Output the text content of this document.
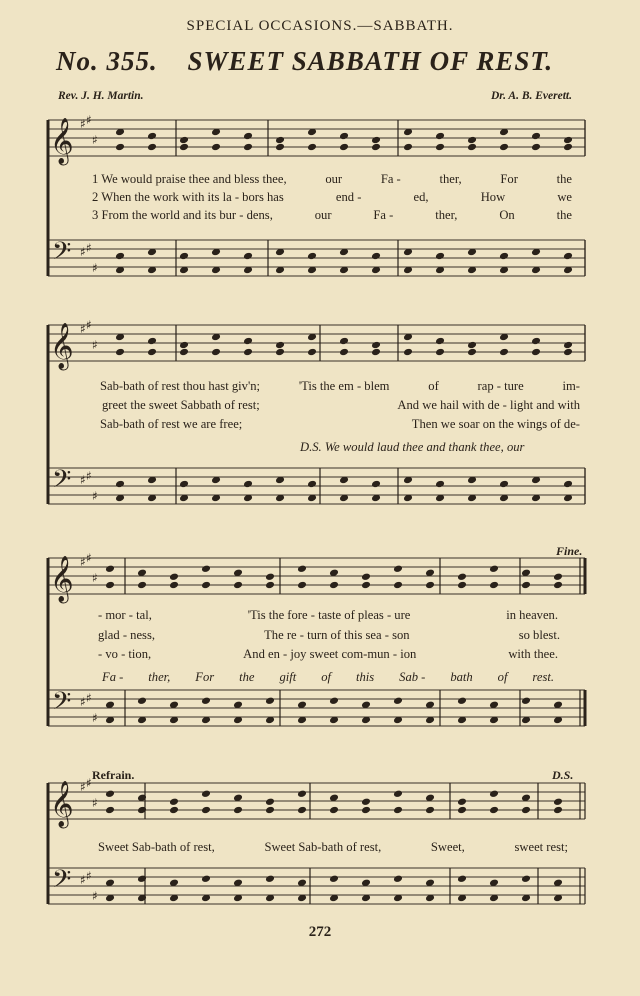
SPECIAL OCCASIONS.—SABBATH.
No. 355. SWEET SABBATH OF REST.
Rev. J. H. Martin.	Dr. A. B. Everett.
𝄞
𝄢
♯ ♯
♯
♯ ♯
♯
𝄞
𝄢
♯ ♯
♯
♯ ♯
♯
𝄞
𝄢
♯ ♯
♯
♯ ♯
♯
𝄞
𝄢
♯ ♯
♯
♯ ♯
♯
1 We would praise thee and bless thee,	our	Fa -	ther,	For	the
2 When the work with its la - bors has	end -	ed,	How	we
3 From the world and its bur - dens,	our	Fa -	ther,	On	the
Sab-bath of rest thou hast giv'n;	'Tis the em - blem	of	rap - ture	im-
greet the sweet Sabbath of rest;	And we hail with de - light and with
Sab-bath of rest we are free;	Then we soar on the wings of de-
D.S. We would laud thee and thank thee, our
Fine.
- mor - tal,	'Tis the fore - taste of pleas - ure	in heaven.
glad - ness,	The re - turn of this sea - son	so blest.
- vo - tion,	And en - joy sweet com-mun - ion	with thee.
Fa - ther, For the gift of this Sab - bath of rest.
Refrain.	D.S.
Sweet Sab-bath of rest,	Sweet Sab-bath of rest,	Sweet,	sweet rest;
272
